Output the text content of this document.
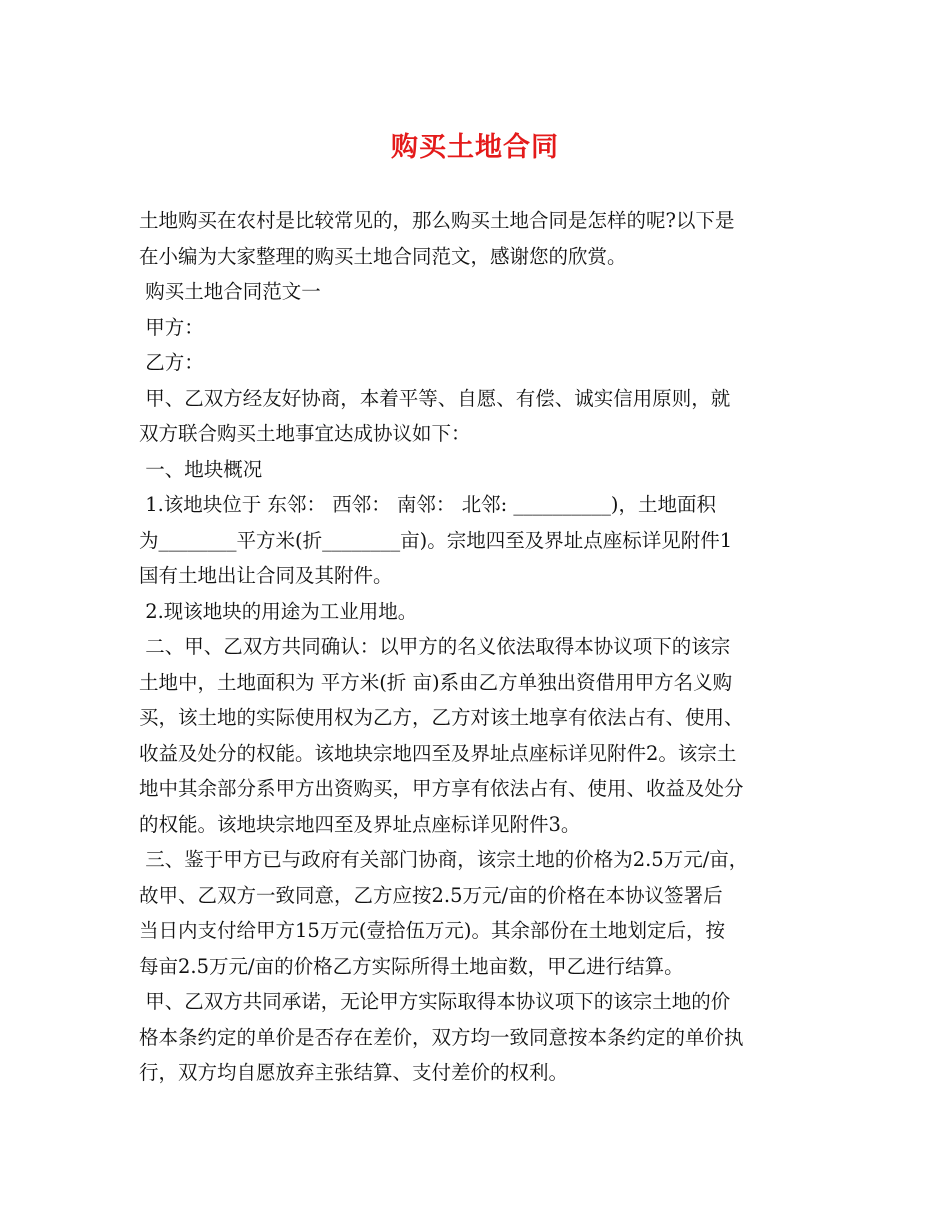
购买土地合同
土地购买在农村是比较常见的，那么购买土地合同是怎样的呢?以下是
在小编为大家整理的购买土地合同范文，感谢您的欣赏。
购买土地合同范文一
甲方：
乙方：
甲、乙双方经友好协商，本着平等、自愿、有偿、诚实信用原则，就
双方联合购买土地事宜达成协议如下：
一、地块概况
1.该地块位于 东邻： 西邻： 南邻： 北邻: __________)，土地面积
为________平方米(折________亩)。宗地四至及界址点座标详见附件1
国有土地出让合同及其附件。
2.现该地块的用途为工业用地。
二、甲、乙双方共同确认：以甲方的名义依法取得本协议项下的该宗
土地中，土地面积为 平方米(折 亩)系由乙方单独出资借用甲方名义购
买，该土地的实际使用权为乙方，乙方对该土地享有依法占有、使用、
收益及处分的权能。该地块宗地四至及界址点座标详见附件2。该宗土
地中其余部分系甲方出资购买，甲方享有依法占有、使用、收益及处分
的权能。该地块宗地四至及界址点座标详见附件3。
三、鉴于甲方已与政府有关部门协商，该宗土地的价格为2.5万元/亩，
故甲、乙双方一致同意，乙方应按2.5万元/亩的价格在本协议签署后
当日内支付给甲方15万元(壹拾伍万元)。其余部份在土地划定后，按
每亩2.5万元/亩的价格乙方实际所得土地亩数，甲乙进行结算。
甲、乙双方共同承诺，无论甲方实际取得本协议项下的该宗土地的价
格本条约定的单价是否存在差价，双方均一致同意按本条约定的单价执
行，双方均自愿放弃主张结算、支付差价的权利。
